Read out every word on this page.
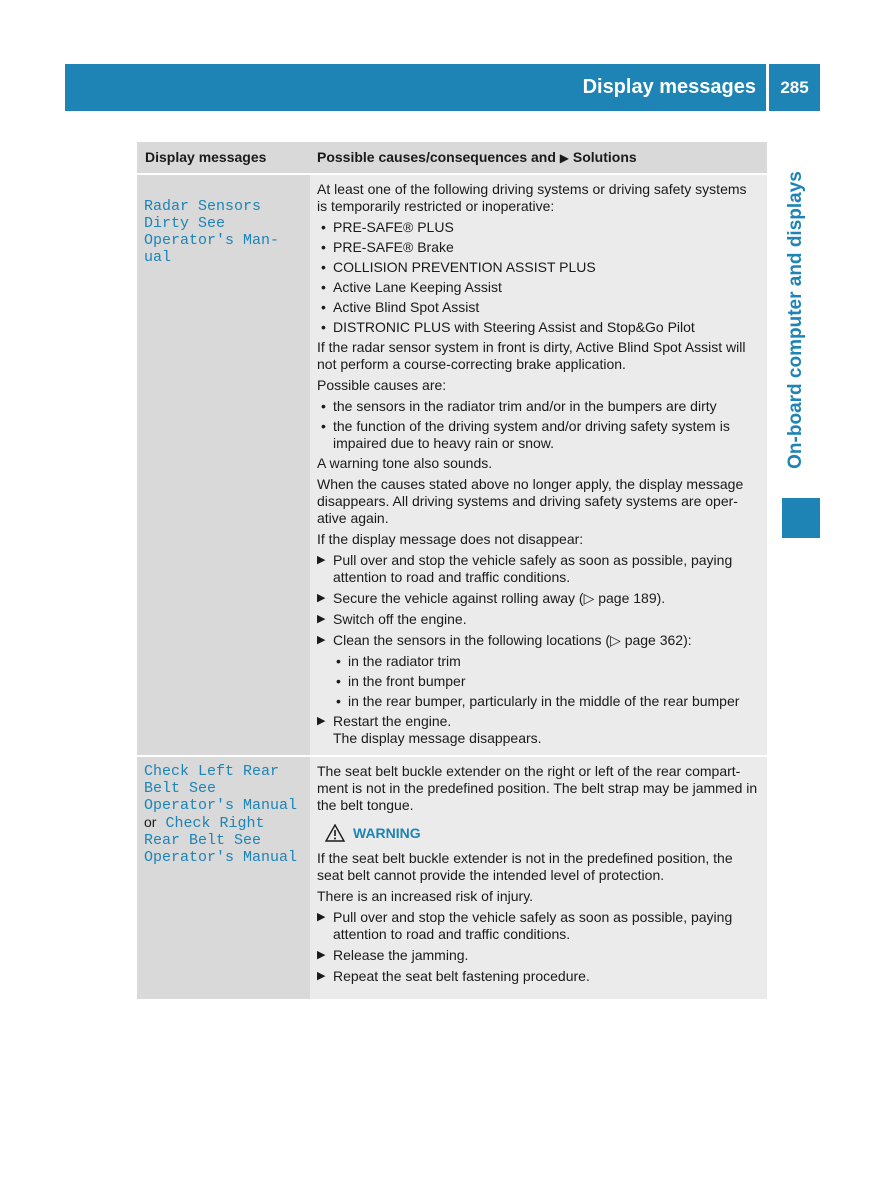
Display messages	285
On-board computer and displays
Display messages	Possible causes/consequences and ▶ Solutions

Radar Sensors Dirty See Operator's Man- ual

At least one of the following driving systems or driving safety systems is temporarily restricted or inoperative:

• PRE-SAFE® PLUS
• PRE-SAFE® Brake
• COLLISION PREVENTION ASSIST PLUS
• Active Lane Keeping Assist
• Active Blind Spot Assist
• DISTRONIC PLUS with Steering Assist and Stop&Go Pilot

If the radar sensor system in front is dirty, Active Blind Spot Assist will not perform a course-correcting brake application.

Possible causes are:

• the sensors in the radiator trim and/or in the bumpers are dirty
• the function of the driving system and/or driving safety system is impaired due to heavy rain or snow.

A warning tone also sounds.

When the causes stated above no longer apply, the display message disappears. All driving systems and driving safety systems are oper- ative again.

If the display message does not disappear:

▶ Pull over and stop the vehicle safely as soon as possible, paying attention to road and traffic conditions.
▶ Secure the vehicle against rolling away (▷ page 189).
▶ Switch off the engine.
▶ Clean the sensors in the following locations (▷ page 362):
• in the radiator trim
• in the front bumper
• in the rear bumper, particularly in the middle of the rear bumper
▶ Restart the engine.
The display message disappears.
Check Left Rear Belt See Operator's Manual or Check Right Rear Belt See Operator's Manual

The seat belt buckle extender on the right or left of the rear compart- ment is not in the predefined position. The belt strap may be jammed in the belt tongue.

WARNING

If the seat belt buckle extender is not in the predefined position, the seat belt cannot provide the intended level of protection.

There is an increased risk of injury.

▶ Pull over and stop the vehicle safely as soon as possible, paying attention to road and traffic conditions.
▶ Release the jamming.
▶ Repeat the seat belt fastening procedure.
